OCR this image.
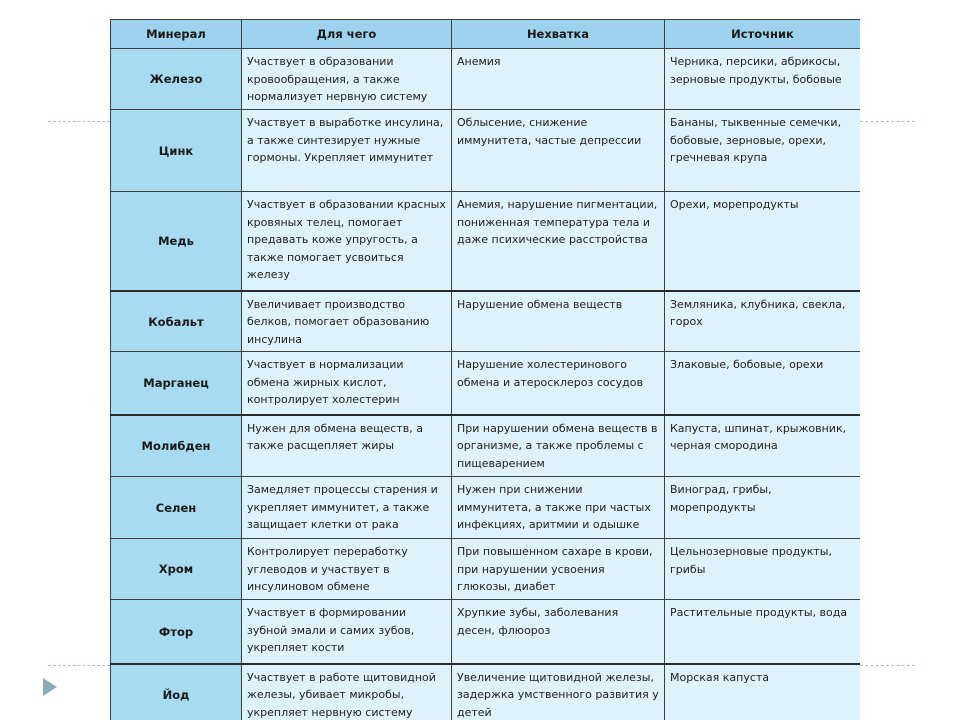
Минерал	Для чего	Нехватка	Источник
Железо	Участвует в образовании кровообращения, а также нормализует нервную систему	Анемия	Черника, персики, абрикосы, зерновые продукты, бобовые
Цинк	Участвует в выработке инсулина, а также синтезирует нужные гормоны. Укрепляет иммунитет	Облысение, снижение иммунитета, частые депрессии	Бананы, тыквенные семечки, бобовые, зерновые, орехи, гречневая крупа
Медь	Участвует в образовании красных кровяных телец, помогает предавать коже упругость, а также помогает усвоиться железу	Анемия, нарушение пигментации, пониженная температура тела и даже психические расстройства	Орехи, морепродукты
Кобальт	Увеличивает производство белков, помогает образованию инсулина	Нарушение обмена веществ	Земляника, клубника, свекла, горох
Марганец	Участвует в нормализации обмена жирных кислот, контролирует холестерин	Нарушение холестеринового обмена и атеросклероз сосудов	Злаковые, бобовые, орехи
Молибден	Нужен для обмена веществ, а также расщепляет жиры	При нарушении обмена веществ в организме, а также проблемы с пищеварением	Капуста, шпинат, крыжовник, черная смородина
Селен	Замедляет процессы старения и укрепляет иммунитет, а также защищает клетки от рака	Нужен при снижении иммунитета, а также при частых инфекциях, аритмии и одышке	Виноград, грибы, морепродукты
Хром	Контролирует переработку углеводов и участвует в инсулиновом обмене	При повышенном сахаре в крови, при нарушении усвоения глюкозы, диабет	Цельнозерновые продукты, грибы
Фтор	Участвует в формировании зубной эмали и самих зубов, укрепляет кости	Хрупкие зубы, заболевания десен, флюороз	Растительные продукты, вода
Йод	Участвует в работе щитовидной железы, убивает микробы, укрепляет нервную систему	Увеличение щитовидной железы, задержка умственного развития у детей	Морская капуста
